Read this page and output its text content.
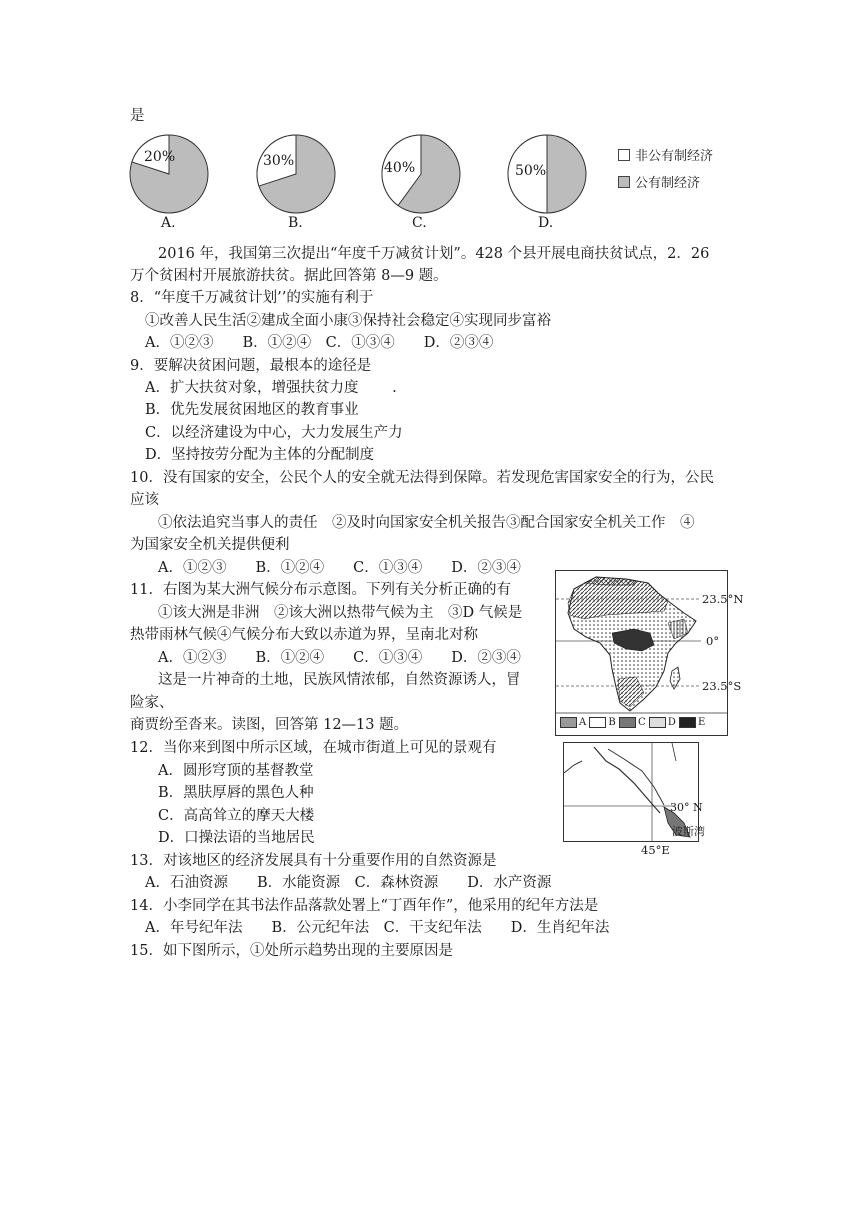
是
20%	30%	40%	50%
A.	B.	C.	D.
非公有制经济
公有制经济
2016 年，我国第三次提出“年度千万减贫计划”。428 个县开展电商扶贫试点，2．26
万个贫困村开展旅游扶贫。据此回答第 8—9 题。
8．“年度千万减贫计划’’的实施有利于
①改善人民生活②建成全面小康③保持社会稳定④实现同步富裕
A．①②③　　B．①②④　C．①③④　　D．②③④
9．要解决贫困问题，最根本的途径是
A．扩大扶贫对象，增强扶贫力度　　 .
B．优先发展贫困地区的教育事业
C．以经济建设为中心，大力发展生产力
D．坚持按劳分配为主体的分配制度
10．没有国家的安全，公民个人的安全就无法得到保障。若发现危害国家安全的行为，公民
应该
①依法追究当事人的责任　②及时向国家安全机关报告③配合国家安全机关工作　④
为国家安全机关提供便利
A．①②③　　B．①②④　　C．①③④　　D．②③④
11．右图为某大洲气候分布示意图。下列有关分析正确的有
①该大洲是非洲　②该大洲以热带气候为主　③D 气候是
热带雨林气候④气候分布大致以赤道为界，呈南北对称
A．①②③　　B．①②④　　C．①③④　　D．②③④
这是一片神奇的土地，民族风情浓郁，自然资源诱人，冒
险家、
商贾纷至沓来。读图，回答第 12—13 题。
12．当你来到图中所示区域，在城市街道上可见的景观有
A．圆形穹顶的基督教堂
B．黑肤厚唇的黑色人种
C．高高耸立的摩天大楼
D．口操法语的当地居民
13．对该地区的经济发展具有十分重要作用的自然资源是
A．石油资源　　B．水能资源　C．森林资源　　D．水产资源
14．小李同学在其书法作品落款处署上“丁酉年作”，他采用的纪年方法是
A．年号纪年法　　B．公元纪年法　C．干支纪年法　　D．生肖纪年法
15．如下图所示，①处所示趋势出现的主要原因是
23.5°N
0°
23.5°S
A B C D E
30° N
波斯湾
45°E
